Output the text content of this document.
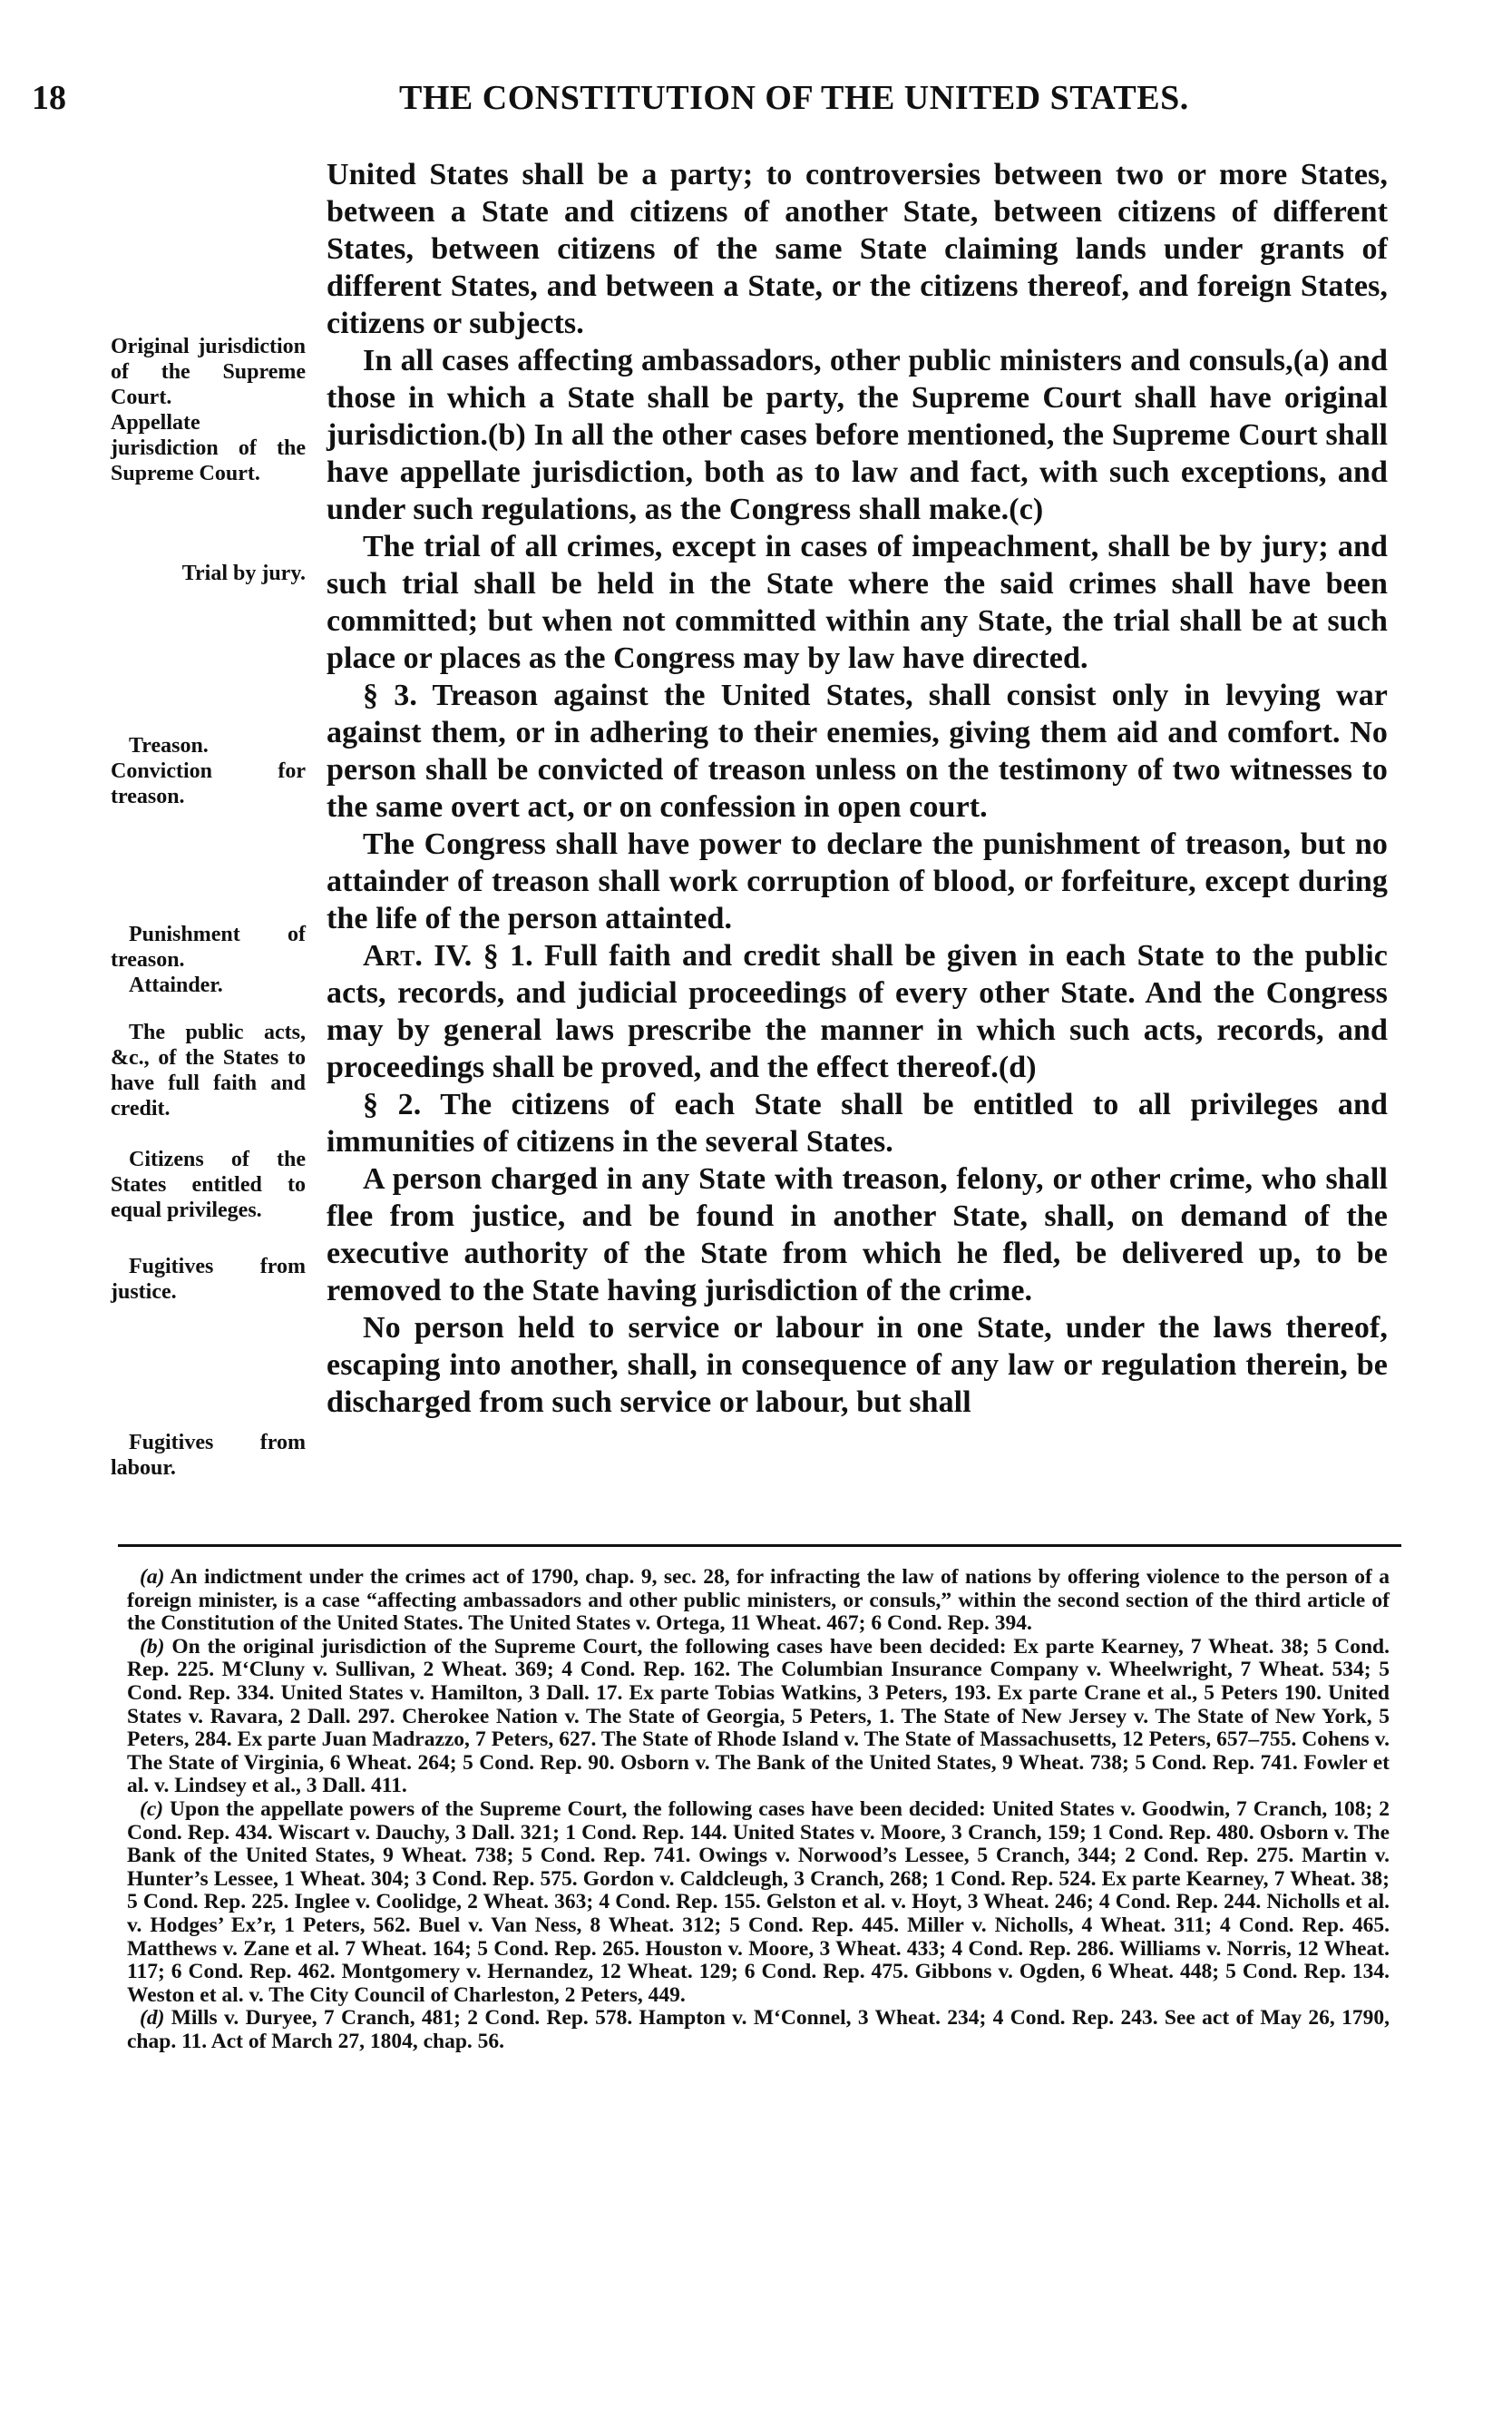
18	THE CONSTITUTION OF THE UNITED STATES.
Original jurisdiction of the Supreme Court.
Appellate jurisdiction of the Supreme Court.
Trial by jury.
Treason.
Conviction for treason.
Punishment of treason.
Attainder.
The public acts, &c., of the States to have full faith and credit.
Citizens of the States entitled to equal privileges.
Fugitives from justice.
Fugitives from labour.

United States shall be a party; to controversies between two or more States, between a State and citizens of another State, between citizens of different States, between citizens of the same State claiming lands under grants of different States, and between a State, or the citizens thereof, and foreign States, citizens or subjects.

In all cases affecting ambassadors, other public ministers and consuls,(a) and those in which a State shall be party, the Supreme Court shall have original jurisdiction.(b) In all the other cases before mentioned, the Supreme Court shall have appellate jurisdiction, both as to law and fact, with such exceptions, and under such regulations, as the Congress shall make.(c)

The trial of all crimes, except in cases of impeachment, shall be by jury; and such trial shall be held in the State where the said crimes shall have been committed; but when not committed within any State, the trial shall be at such place or places as the Congress may by law have directed.

§ 3. Treason against the United States, shall consist only in levying war against them, or in adhering to their enemies, giving them aid and comfort. No person shall be convicted of treason unless on the testimony of two witnesses to the same overt act, or on confession in open court.

The Congress shall have power to declare the punishment of treason, but no attainder of treason shall work corruption of blood, or forfeiture, except during the life of the person attainted.

Art. IV. § 1. Full faith and credit shall be given in each State to the public acts, records, and judicial proceedings of every other State. And the Congress may by general laws prescribe the manner in which such acts, records, and proceedings shall be proved, and the effect thereof.(d)

§ 2. The citizens of each State shall be entitled to all privileges and immunities of citizens in the several States.

A person charged in any State with treason, felony, or other crime, who shall flee from justice, and be found in another State, shall, on demand of the executive authority of the State from which he fled, be delivered up, to be removed to the State having jurisdiction of the crime.

No person held to service or labour in one State, under the laws thereof, escaping into another, shall, in consequence of any law or regulation therein, be discharged from such service or labour, but shall

(a) An indictment under the crimes act of 1790, chap. 9, sec. 28, for infracting the law of nations by offering violence to the person of a foreign minister, is a case “affecting ambassadors and other public ministers, or consuls,” within the second section of the third article of the Constitution of the United States. The United States v. Ortega, 11 Wheat. 467; 6 Cond. Rep. 394.

(b) On the original jurisdiction of the Supreme Court, the following cases have been decided: Ex parte Kearney, 7 Wheat. 38; 5 Cond. Rep. 225. M‘Cluny v. Sullivan, 2 Wheat. 369; 4 Cond. Rep. 162. The Columbian Insurance Company v. Wheelwright, 7 Wheat. 534; 5 Cond. Rep. 334. United States v. Hamilton, 3 Dall. 17. Ex parte Tobias Watkins, 3 Peters, 193. Ex parte Crane et al., 5 Peters 190. United States v. Ravara, 2 Dall. 297. Cherokee Nation v. The State of Georgia, 5 Peters, 1. The State of New Jersey v. The State of New York, 5 Peters, 284. Ex parte Juan Madrazzo, 7 Peters, 627. The State of Rhode Island v. The State of Massachusetts, 12 Peters, 657–755. Cohens v. The State of Virginia, 6 Wheat. 264; 5 Cond. Rep. 90. Osborn v. The Bank of the United States, 9 Wheat. 738; 5 Cond. Rep. 741. Fowler et al. v. Lindsey et al., 3 Dall. 411.

(c) Upon the appellate powers of the Supreme Court, the following cases have been decided: United States v. Goodwin, 7 Cranch, 108; 2 Cond. Rep. 434. Wiscart v. Dauchy, 3 Dall. 321; 1 Cond. Rep. 144. United States v. Moore, 3 Cranch, 159; 1 Cond. Rep. 480. Osborn v. The Bank of the United States, 9 Wheat. 738; 5 Cond. Rep. 741. Owings v. Norwood’s Lessee, 5 Cranch, 344; 2 Cond. Rep. 275. Martin v. Hunter’s Lessee, 1 Wheat. 304; 3 Cond. Rep. 575. Gordon v. Caldcleugh, 3 Cranch, 268; 1 Cond. Rep. 524. Ex parte Kearney, 7 Wheat. 38; 5 Cond. Rep. 225. Inglee v. Coolidge, 2 Wheat. 363; 4 Cond. Rep. 155. Gelston et al. v. Hoyt, 3 Wheat. 246; 4 Cond. Rep. 244. Nicholls et al. v. Hodges’ Ex’r, 1 Peters, 562. Buel v. Van Ness, 8 Wheat. 312; 5 Cond. Rep. 445. Miller v. Nicholls, 4 Wheat. 311; 4 Cond. Rep. 465. Matthews v. Zane et al. 7 Wheat. 164; 5 Cond. Rep. 265. Houston v. Moore, 3 Wheat. 433; 4 Cond. Rep. 286. Williams v. Norris, 12 Wheat. 117; 6 Cond. Rep. 462. Montgomery v. Hernandez, 12 Wheat. 129; 6 Cond. Rep. 475. Gibbons v. Ogden, 6 Wheat. 448; 5 Cond. Rep. 134. Weston et al. v. The City Council of Charleston, 2 Peters, 449.

(d) Mills v. Duryee, 7 Cranch, 481; 2 Cond. Rep. 578. Hampton v. M‘Connel, 3 Wheat. 234; 4 Cond. Rep. 243. See act of May 26, 1790, chap. 11. Act of March 27, 1804, chap. 56.
